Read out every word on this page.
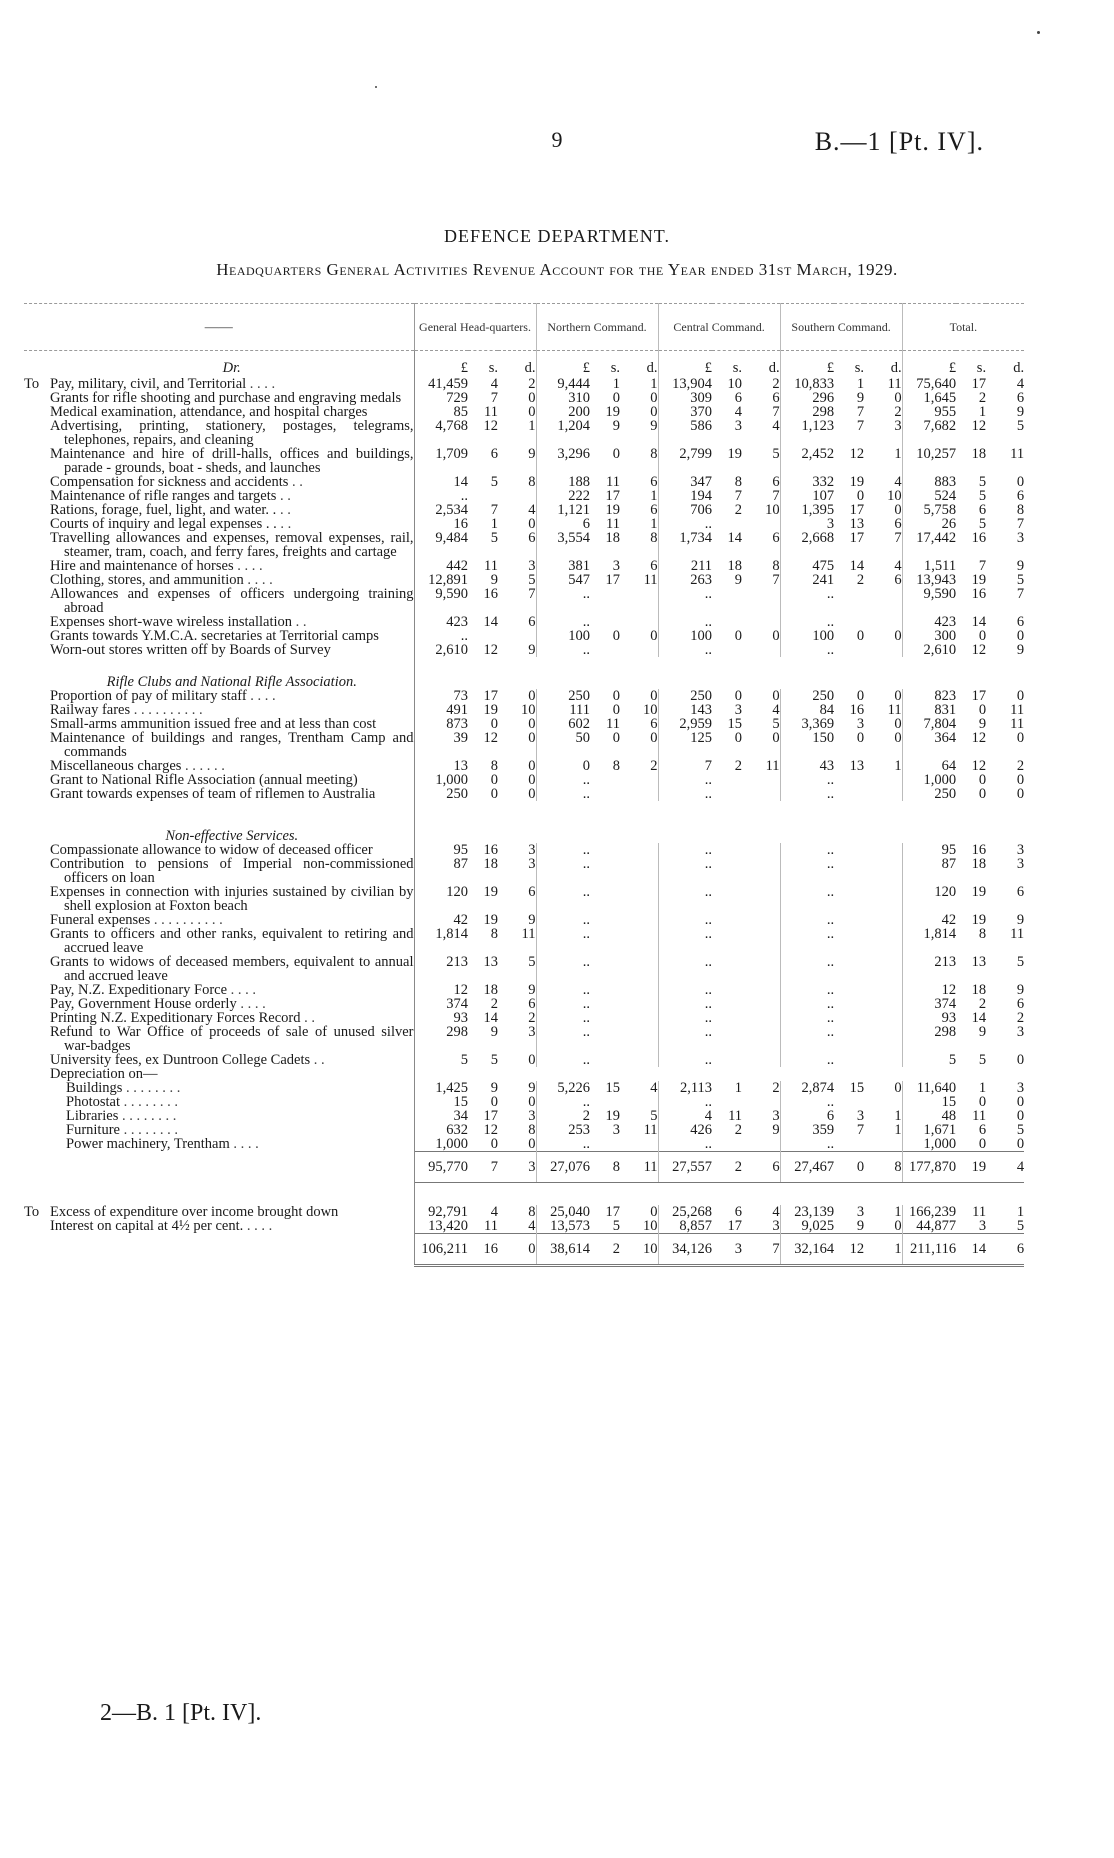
9	B.—1 [Pt. IV].
DEFENCE DEPARTMENT.
Headquarters General Activities Revenue Account for the Year ended 31st March, 1929.
——	General Head-quarters.			Northern Command.			Central Command.			Southern Command.			Total.		

Dr.	£	s.	d.	£	s.	d.	£	s.	d.	£	s.	d.	£	s.	d.

To Pay, military, civil, and Territorial . . . .	41,459	4	2	9,444	1	1	13,904	10	2	10,833	1	11	75,640	17	4

Grants for rifle shooting and purchase and engraving medals	729	7	0	310	0	0	309	6	6	296	9	0	1,645	2	6

Medical examination, attendance, and hospital charges	85	11	0	200	19	0	370	4	7	298	7	2	955	1	9

Advertising, printing, stationery, postages, telegrams, telephones, repairs, and cleaning	4,768	12	1	1,204	9	9	586	3	4	1,123	7	3	7,682	12	5

Maintenance and hire of drill-halls, offices and buildings, parade - grounds, boat - sheds, and launches	1,709	6	9	3,296	0	8	2,799	19	5	2,452	12	1	10,257	18	11

Compensation for sickness and accidents . .	14	5	8	188	11	6	347	8	6	332	19	4	883	5	0

Maintenance of rifle ranges and targets . .	..			222	17	1	194	7	7	107	0	10	524	5	6

Rations, forage, fuel, light, and water. . . .	2,534	7	4	1,121	19	6	706	2	10	1,395	17	0	5,758	6	8

Courts of inquiry and legal expenses . . . .	16	1	0	6	11	1	..			3	13	6	26	5	7

Travelling allowances and expenses, removal expenses, rail, steamer, tram, coach, and ferry fares, freights and cartage	9,484	5	6	3,554	18	8	1,734	14	6	2,668	17	7	17,442	16	3

Hire and maintenance of horses . . . .	442	11	3	381	3	6	211	18	8	475	14	4	1,511	7	9

Clothing, stores, and ammunition . . . .	12,891	9	5	547	17	11	263	9	7	241	2	6	13,943	19	5

Allowances and expenses of officers undergoing training abroad	9,590	16	7	..			..			..			9,590	16	7

Expenses short-wave wireless installation . .	423	14	6	..			..			..			423	14	6

Grants towards Y.M.C.A. secretaries at Territorial camps	..			100	0	0	100	0	0	100	0	0	300	0	0

Worn-out stores written off by Boards of Survey	2,610	12	9	..			..			..			2,610	12	9

Rifle Clubs and National Rifle Association.															

Proportion of pay of military staff . . . .	73	17	0	250	0	0	250	0	0	250	0	0	823	17	0

Railway fares . . . . . . . . . .	491	19	10	111	0	10	143	3	4	84	16	11	831	0	11

Small-arms ammunition issued free and at less than cost	873	0	0	602	11	6	2,959	15	5	3,369	3	0	7,804	9	11

Maintenance of buildings and ranges, Trentham Camp and commands	39	12	0	50	0	0	125	0	0	150	0	0	364	12	0

Miscellaneous charges . . . . . .	13	8	0	0	8	2	7	2	11	43	13	1	64	12	2

Grant to National Rifle Association (annual meeting)	1,000	0	0	..			..			..			1,000	0	0

Grant towards expenses of team of riflemen to Australia	250	0	0	..			..			..			250	0	0

Non-effective Services.															

Compassionate allowance to widow of deceased officer	95	16	3	..			..			..			95	16	3

Contribution to pensions of Imperial non-commissioned officers on loan	87	18	3	..			..			..			87	18	3

Expenses in connection with injuries sustained by civilian by shell explosion at Foxton beach	120	19	6	..			..			..			120	19	6

Funeral expenses . . . . . . . . . .	42	19	9	..			..			..			42	19	9

Grants to officers and other ranks, equivalent to retiring and accrued leave	1,814	8	11	..			..			..			1,814	8	11

Grants to widows of deceased members, equivalent to annual and accrued leave	213	13	5	..			..			..			213	13	5

Pay, N.Z. Expeditionary Force . . . .	12	18	9	..			..			..			12	18	9

Pay, Government House orderly . . . .	374	2	6	..			..			..			374	2	6

Printing N.Z. Expeditionary Forces Record . .	93	14	2	..			..			..			93	14	2

Refund to War Office of proceeds of sale of unused silver war-badges	298	9	3	..			..			..			298	9	3

University fees, ex Duntroon College Cadets . .	5	5	0	..			..			..			5	5	0

Depreciation on—															

Buildings . . . . . . . .	1,425	9	9	5,226	15	4	2,113	1	2	2,874	15	0	11,640	1	3

Photostat . . . . . . . .	15	0	0	..			..			..			15	0	0

Libraries . . . . . . . .	34	17	3	2	19	5	4	11	3	6	3	1	48	11	0

Furniture . . . . . . . .	632	12	8	253	3	11	426	2	9	359	7	1	1,671	6	5

Power machinery, Trentham . . . .	1,000	0	0	..			..			..			1,000	0	0
	95,770	7	3	27,076	8	11	27,557	2	6	27,467	0	8	177,870	19	4

To Excess of expenditure over income brought down	92,791	4	8	25,040	17	0	25,268	6	4	23,139	3	1	166,239	11	1

Interest on capital at 4½ per cent. . . . .	13,420	11	4	13,573	5	10	8,857	17	3	9,025	9	0	44,877	3	5
	106,211	16	0	38,614	2	10	34,126	3	7	32,164	12	1	211,116	14	6
2—B. 1 [Pt. IV].
